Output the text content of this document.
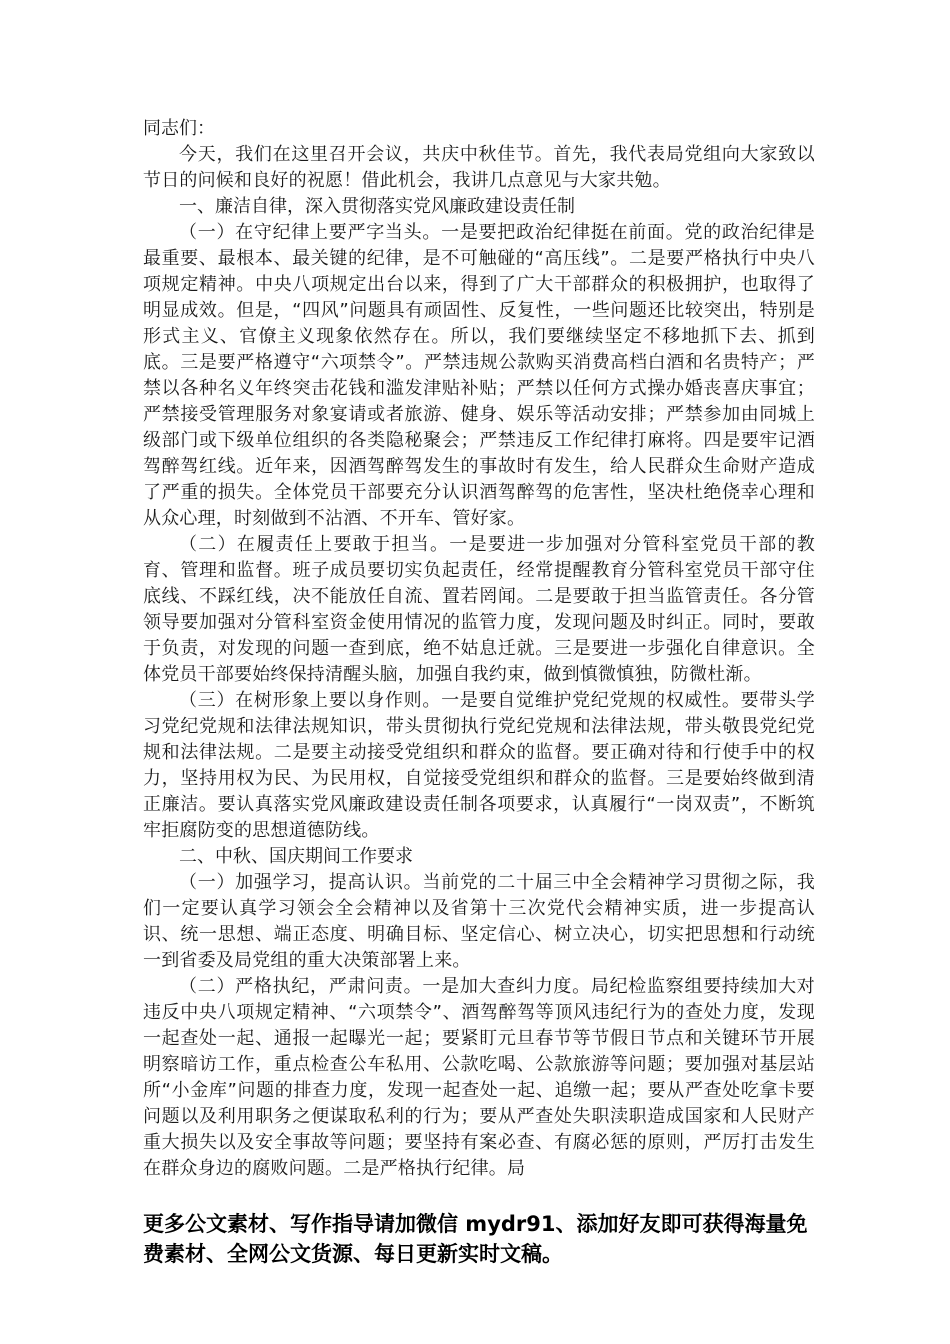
同志们：

今天，我们在这里召开会议，共庆中秋佳节。首先，我代表局党组向大家致以节日的问候和良好的祝愿！借此机会，我讲几点意见与大家共勉。

一、廉洁自律，深入贯彻落实党风廉政建设责任制

（一）在守纪律上要严字当头。一是要把政治纪律挺在前面。党的政治纪律是最重要、最根本、最关键的纪律，是不可触碰的“高压线”。二是要严格执行中央八项规定精神。中央八项规定出台以来，得到了广大干部群众的积极拥护，也取得了明显成效。但是，“四风”问题具有顽固性、反复性，一些问题还比较突出，特别是形式主义、官僚主义现象依然存在。所以，我们要继续坚定不移地抓下去、抓到底。三是要严格遵守“六项禁令”。严禁违规公款购买消费高档白酒和名贵特产；严禁以各种名义年终突击花钱和滥发津贴补贴；严禁以任何方式操办婚丧喜庆事宜；严禁接受管理服务对象宴请或者旅游、健身、娱乐等活动安排；严禁参加由同城上级部门或下级单位组织的各类隐秘聚会；严禁违反工作纪律打麻将。四是要牢记酒驾醉驾红线。近年来，因酒驾醉驾发生的事故时有发生，给人民群众生命财产造成了严重的损失。全体党员干部要充分认识酒驾醉驾的危害性，坚决杜绝侥幸心理和从众心理，时刻做到不沾酒、不开车、管好家。

（二）在履责任上要敢于担当。一是要进一步加强对分管科室党员干部的教育、管理和监督。班子成员要切实负起责任，经常提醒教育分管科室党员干部守住底线、不踩红线，决不能放任自流、置若罔闻。二是要敢于担当监管责任。各分管领导要加强对分管科室资金使用情况的监管力度，发现问题及时纠正。同时，要敢于负责，对发现的问题一查到底，绝不姑息迁就。三是要进一步强化自律意识。全体党员干部要始终保持清醒头脑，加强自我约束，做到慎微慎独，防微杜渐。

（三）在树形象上要以身作则。一是要自觉维护党纪党规的权威性。要带头学习党纪党规和法律法规知识，带头贯彻执行党纪党规和法律法规，带头敬畏党纪党规和法律法规。二是要主动接受党组织和群众的监督。要正确对待和行使手中的权力，坚持用权为民、为民用权，自觉接受党组织和群众的监督。三是要始终做到清正廉洁。要认真落实党风廉政建设责任制各项要求，认真履行“一岗双责”，不断筑牢拒腐防变的思想道德防线。

二、中秋、国庆期间工作要求

（一）加强学习，提高认识。当前党的二十届三中全会精神学习贯彻之际，我们一定要认真学习领会全会精神以及省第十三次党代会精神实质，进一步提高认识、统一思想、端正态度、明确目标、坚定信心、树立决心，切实把思想和行动统一到省委及局党组的重大决策部署上来。

（二）严格执纪，严肃问责。一是加大查纠力度。局纪检监察组要持续加大对违反中央八项规定精神、“六项禁令”、酒驾醉驾等顶风违纪行为的查处力度，发现一起查处一起、通报一起曝光一起；要紧盯元旦春节等节假日节点和关键环节开展明察暗访工作，重点检查公车私用、公款吃喝、公款旅游等问题；要加强对基层站所“小金库”问题的排查力度，发现一起查处一起、追缴一起；要从严查处吃拿卡要问题以及利用职务之便谋取私利的行为；要从严查处失职渎职造成国家和人民财产重大损失以及安全事故等问题；要坚持有案必查、有腐必惩的原则，严厉打击发生在群众身边的腐败问题。二是严格执行纪律。局

更多公文素材、写作指导请加微信 mydr91、添加好友即可获得海量免费素材、全网公文货源、每日更新实时文稿。
